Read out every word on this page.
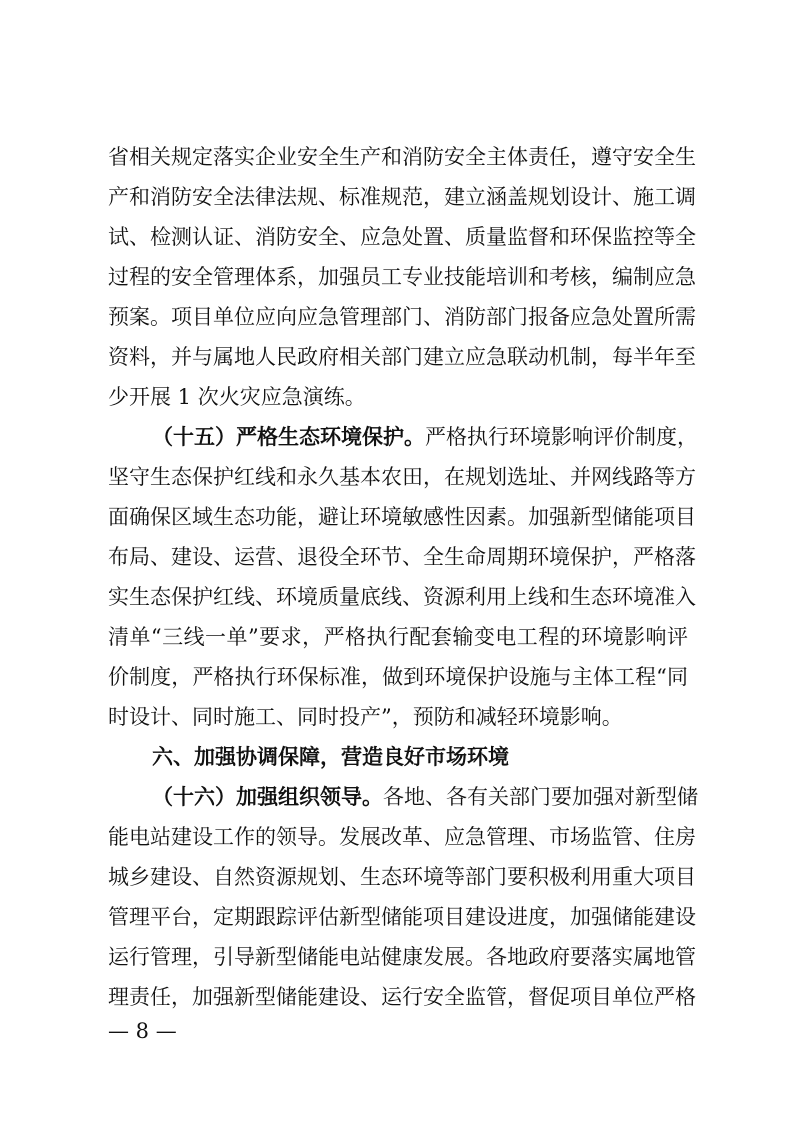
省相关规定落实企业安全生产和消防安全主体责任，遵守安全生
产和消防安全法律法规、标准规范，建立涵盖规划设计、施工调
试、检测认证、消防安全、应急处置、质量监督和环保监控等全
过程的安全管理体系，加强员工专业技能培训和考核，编制应急
预案。项目单位应向应急管理部门、消防部门报备应急处置所需
资料，并与属地人民政府相关部门建立应急联动机制，每半年至
少开展 1 次火灾应急演练。
（十五）严格生态环境保护。严格执行环境影响评价制度，
坚守生态保护红线和永久基本农田，在规划选址、并网线路等方
面确保区域生态功能，避让环境敏感性因素。加强新型储能项目
布局、建设、运营、退役全环节、全生命周期环境保护，严格落
实生态保护红线、环境质量底线、资源利用上线和生态环境准入
清单“三线一单”要求，严格执行配套输变电工程的环境影响评
价制度，严格执行环保标准，做到环境保护设施与主体工程“同
时设计、同时施工、同时投产”，预防和减轻环境影响。
六、加强协调保障，营造良好市场环境
（十六）加强组织领导。各地、各有关部门要加强对新型储
能电站建设工作的领导。发展改革、应急管理、市场监管、住房
城乡建设、自然资源规划、生态环境等部门要积极利用重大项目
管理平台，定期跟踪评估新型储能项目建设进度，加强储能建设
运行管理，引导新型储能电站健康发展。各地政府要落实属地管
理责任，加强新型储能建设、运行安全监管，督促项目单位严格
— 8 —
